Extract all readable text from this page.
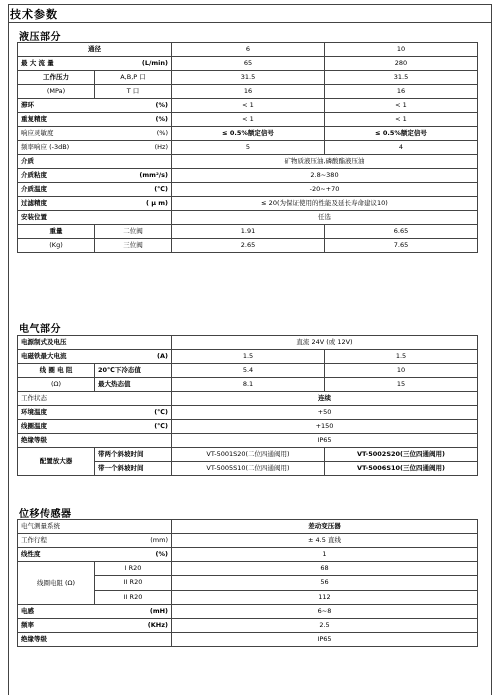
技术参数
液压部分
通径		6	10

最 大 流 量 (L/min)		65	280
工作压力	A,B,P 口	31.5	31.5
(MPa)	T 口	16	16

滞环 (%)		< 1	< 1

重复精度 (%)		< 1	< 1

响应灵敏度 (%)		≤ 0.5%额定信号	≤ 0.5%额定信号

频率响应 (-3dB) (Hz)		5	4
介质		矿物质液压油,磷酸酯液压油	

介质粘度 (mm²/s)		2.8~380	

介质温度 (℃)		-20~+70	

过滤精度 ( μ m)		≤ 20(为保证使用的性能及延长寿命建议10)	
安装位置		任选	
重量	二位阀	1.91	6.65
(Kg)	三位阀	2.65	7.65
电气部分
电源制式及电压		直流 24V (或 12V)	

电磁铁最大电流 (A)		1.5	1.5
线 圈 电 阻	20℃下冷态值	5.4	10
(Ω)	最大热态值	8.1	15
工作状态		连续	

环境温度 (℃)		+50	

线圈温度 (℃)		+150	
绝缘等级		IP65	
配置放大器	带两个斜坡时间	VT-5001S20(二位四通阀用)	VT-5002S20(三位四通阀用)
	带一个斜坡时间	VT-5005S10(二位四通阀用)	VT-5006S10(三位四通阀用)
位移传感器
电气测量系统		差动变压器

工作行程 (mm)		± 4.5 直线

线性度 (%)		1
线圈电阻 (Ω)	I R20	68
	II R20	56
	II R20	112

电感 (mH)		6~8

频率 (KHz)		2.5
绝缘等级		IP65
